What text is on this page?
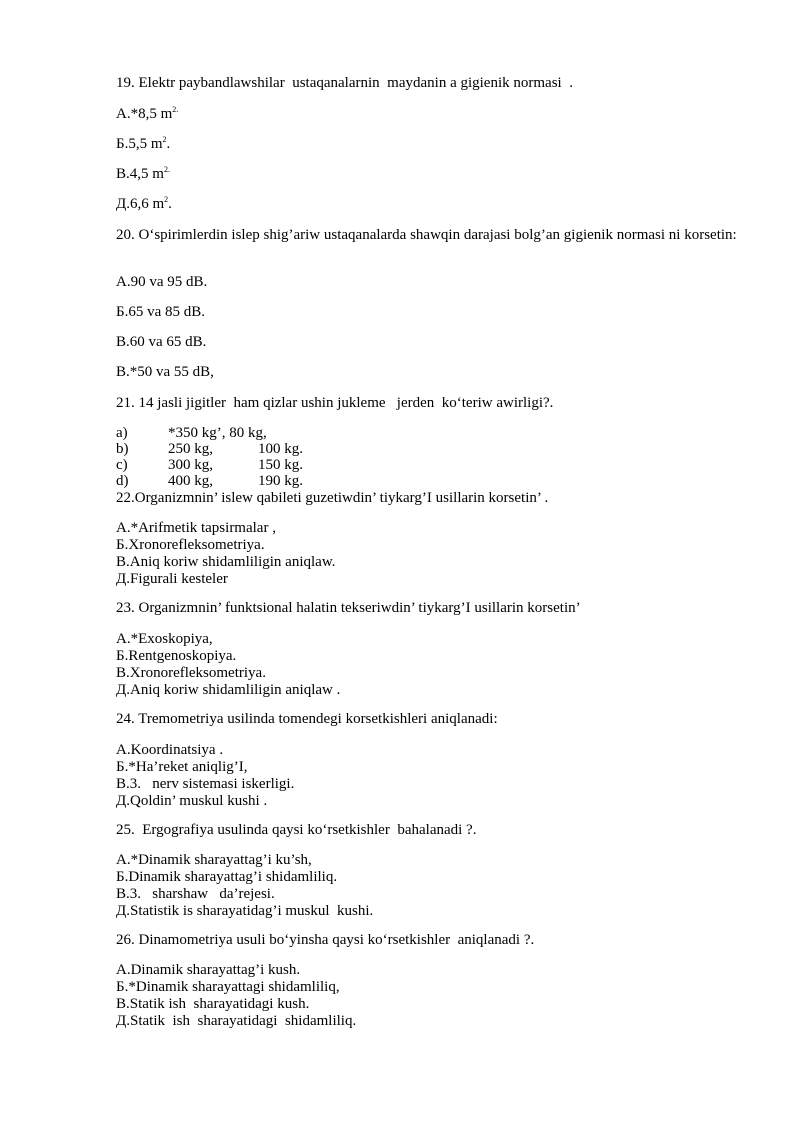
19. Elektr paybandlawshilar  ustaqanalarnin  maydanin a gigienik normasi  .
A.*8,5 $m^{2.}$
Б.5,5 $m^2$.
B.4,5 $m^{2.}$
Д.6,6 $m^2$.
20. O‘spirimlerdin islep shig’ariw ustaqanalarda shawqin darajasi bolg’an gigienik normasi ni korsetin:
A.90 va 95 dB.
Б.65 va 85 dB.
B.60 va 65 dB.
B.*50 va 55 dB,
21. 14 jasli jigitler  ham qizlar ushin jukleme   jerden  ko‘teriw awirligi?.
a)	*350 kg’, 80 kg,
b)	250 kg,	100 kg.
c)	300 kg,	150 kg.
d)	400 kg,	190 kg.
22.Organizmnin’ islew qabileti guzetiwdin’ tiykarg’I usillarin korsetin’ .
A.*Arifmetik tapsirmalar ,
Б.Xronorefleksometriya.
B.Aniq koriw shidamliligin aniqlaw.
Д.Figurali kesteler
23. Organizmnin’ funktsional halatin tekseriwdin’ tiykarg’I usillarin korsetin’
A.*Exoskopiya,
Б.Rentgenoskopiya.
B.Xronorefleksometriya.
Д.Aniq koriw shidamliligin aniqlaw .
24. Tremometriya usilinda tomendegi korsetkishleri aniqlanadi:
A.Koordinatsiya .
Б.*Ha’reket aniqlig’I,
B.3.   nerv sistemasi iskerligi.
Д.Qoldin’ muskul kushi .
25.  Ergografiya usulinda qaysi ko‘rsetkishler  bahalanadi ?.
A.*Dinamik sharayattag’i ku’sh,
Б.Dinamik sharayattag’i shidamliliq.
B.3.   sharshaw   da’rejesi.
Д.Statistik is sharayatidag’i muskul  kushi.
26. Dinamometriya usuli bo‘yinsha qaysi ko‘rsetkishler  aniqlanadi ?.
A.Dinamik sharayattag’i kush.
Б.*Dinamik sharayattagi shidamliliq,
B.Statik ish  sharayatidagi kush.
Д.Statik  ish  sharayatidagi  shidamliliq.
